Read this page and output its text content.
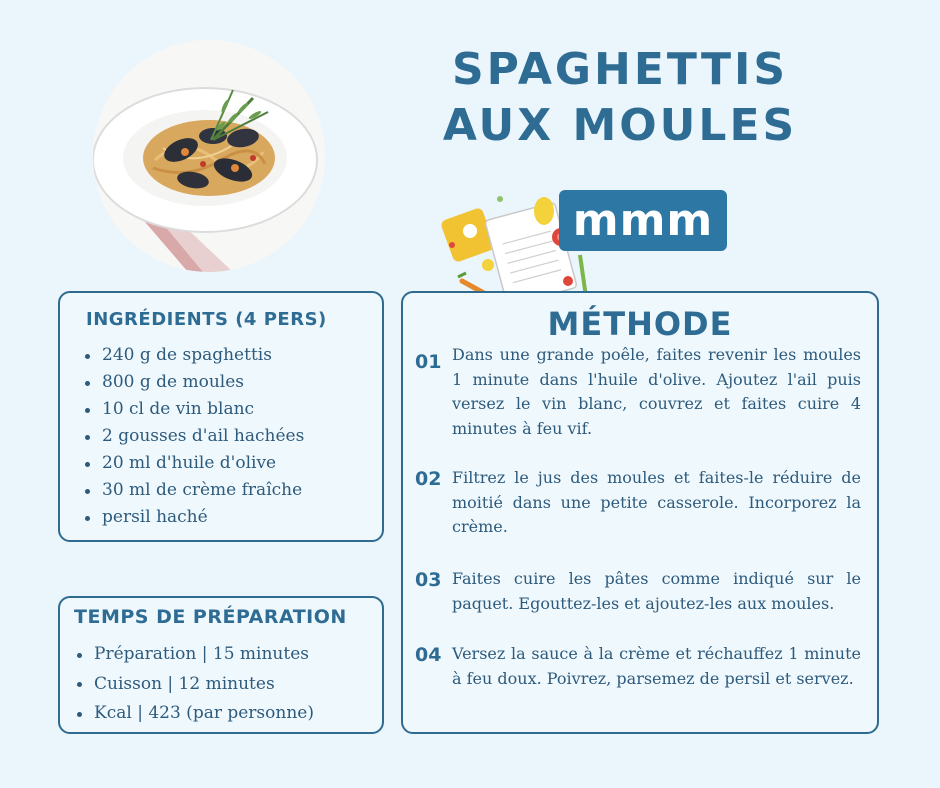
SPAGHETTIS AUX MOULES
mmm
INGRÉDIENTS (4 PERS)
240 g de spaghettis
800 g de moules
10 cl de vin blanc
2 gousses d'ail hachées
20 ml d'huile d'olive
30 ml de crème fraîche
persil haché
TEMPS DE PRÉPARATION
Préparation | 15 minutes
Cuisson | 12 minutes
Kcal | 423 (par personne)
MÉTHODE
01 Dans une grande poêle, faites revenir les moules 1 minute dans l'huile d'olive. Ajoutez l'ail puis versez le vin blanc, couvrez et faites cuire 4 minutes à feu vif.

02 Filtrez le jus des moules et faites-le réduire de moitié dans une petite casserole. Incorporez la crème.

03 Faites cuire les pâtes comme indiqué sur le paquet. Egouttez-les et ajoutez-les aux moules.

04 Versez la sauce à la crème et réchauffez 1 minute à feu doux. Poivrez, parsemez de persil et servez.
